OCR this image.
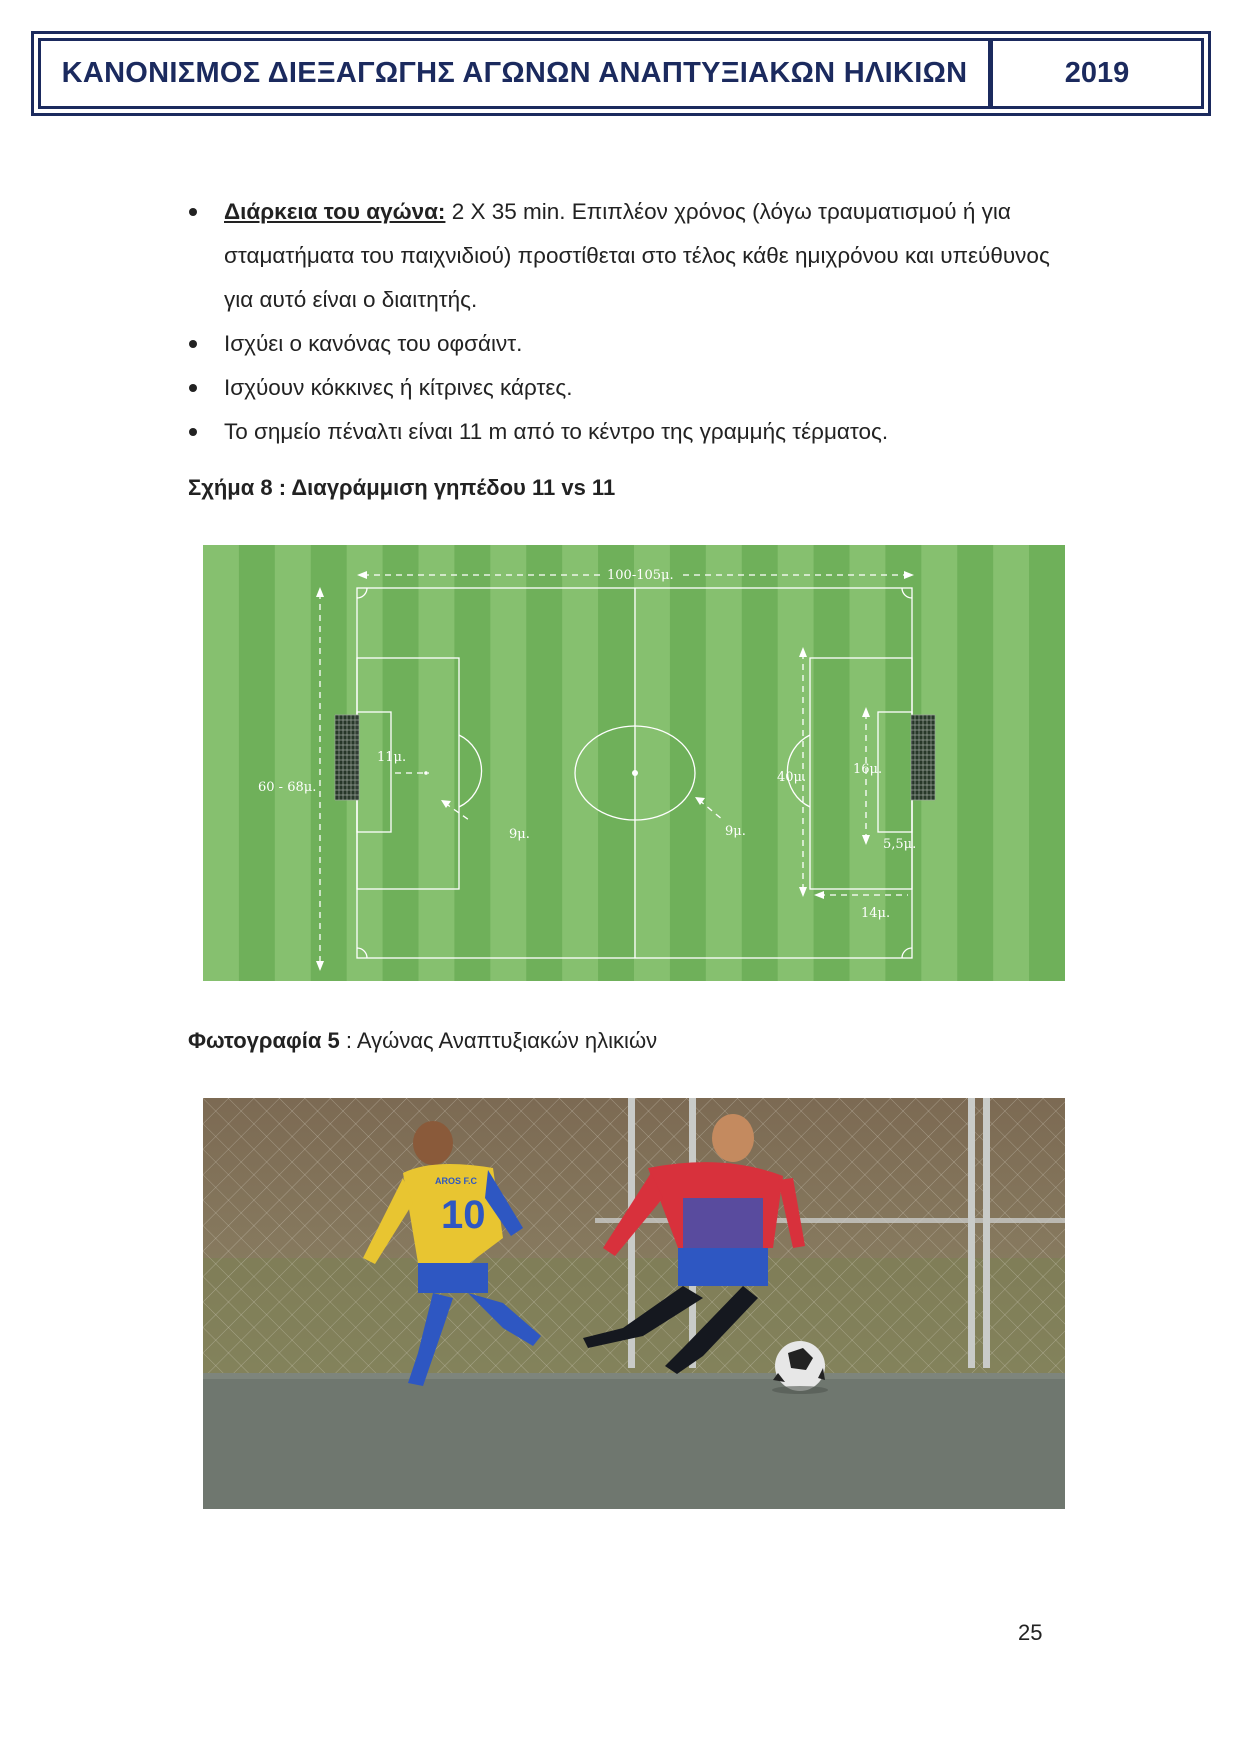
ΚΑΝΟΝΙΣΜΟΣ ΔΙΕΞΑΓΩΓΗΣ ΑΓΩΝΩΝ ΑΝΑΠΤΥΞΙΑΚΩΝ ΗΛΙΚΙΩΝ	2019
Διάρκεια του αγώνα: 2 Χ 35 min. Επιπλέον χρόνος (λόγω τραυματισμού ή για σταματήματα του παιχνιδιού) προστίθεται στο τέλος κάθε ημιχρόνου και υπεύθυνος για αυτό είναι ο διαιτητής.
Ισχύει ο κανόνας του οφσάιντ.
Ισχύουν κόκκινες ή κίτρινες κάρτες.
Το σημείο πέναλτι είναι 11 m από το κέντρο της γραμμής τέρματος.
Σχήμα 8 : Διαγράμμιση γηπέδου 11 vs 11
100-105μ.
60 - 68μ.
11μ.
9μ.	9μ.
40μ.
16μ.
5,5μ.
14μ.
Φωτογραφία 5 : Αγώνας Αναπτυξιακών ηλικιών
10
AROS F.C
25
